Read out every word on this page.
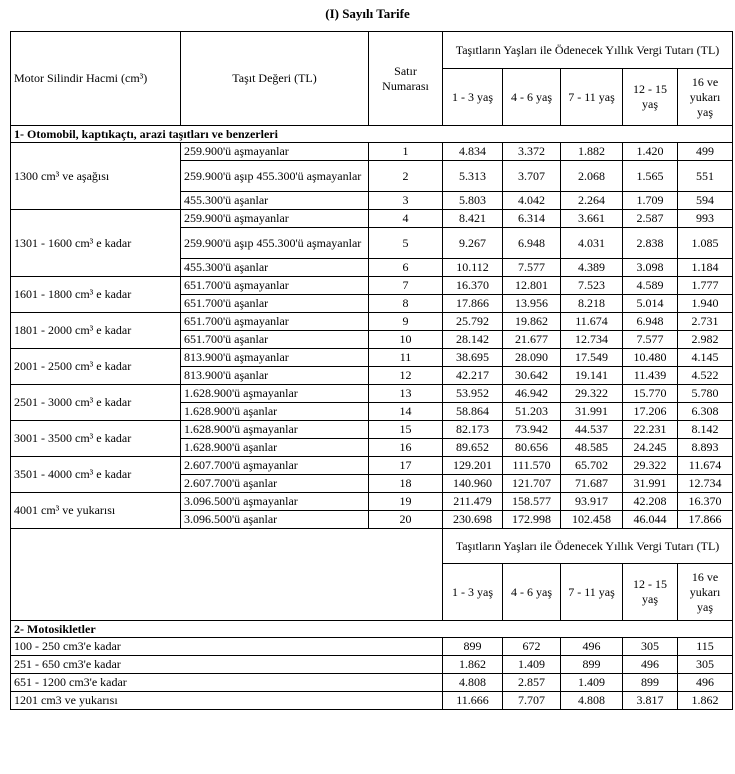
(I) Sayılı Tarife
Motor Silindir Hacmi (cm³)	Taşıt Değeri (TL)	Satır Numarası	Taşıtların Yaşları ile Ödenecek Yıllık Vergi Tutarı (TL)				
			1 - 3 yaş	4 - 6 yaş	7 - 11 yaş	12 - 15 yaş	16 ve yukarı yaş
1- Otomobil, kaptıkaçtı, arazi taşıtları ve benzerleri							
1300 cm³ ve aşağısı	259.900'ü aşmayanlar	1	4.834	3.372	1.882	1.420	499
	259.900'ü aşıp 455.300'ü aşmayanlar	2	5.313	3.707	2.068	1.565	551
	455.300'ü aşanlar	3	5.803	4.042	2.264	1.709	594
1301 - 1600 cm³ e kadar	259.900'ü aşmayanlar	4	8.421	6.314	3.661	2.587	993
	259.900'ü aşıp 455.300'ü aşmayanlar	5	9.267	6.948	4.031	2.838	1.085
	455.300'ü aşanlar	6	10.112	7.577	4.389	3.098	1.184
1601 - 1800 cm³ e kadar	651.700'ü aşmayanlar	7	16.370	12.801	7.523	4.589	1.777
	651.700'ü aşanlar	8	17.866	13.956	8.218	5.014	1.940
1801 - 2000 cm³ e kadar	651.700'ü aşmayanlar	9	25.792	19.862	11.674	6.948	2.731
	651.700'ü aşanlar	10	28.142	21.677	12.734	7.577	2.982
2001 - 2500 cm³ e kadar	813.900'ü aşmayanlar	11	38.695	28.090	17.549	10.480	4.145
	813.900'ü aşanlar	12	42.217	30.642	19.141	11.439	4.522
2501 - 3000 cm³ e kadar	1.628.900'ü aşmayanlar	13	53.952	46.942	29.322	15.770	5.780
	1.628.900'ü aşanlar	14	58.864	51.203	31.991	17.206	6.308
3001 - 3500 cm³ e kadar	1.628.900'ü aşmayanlar	15	82.173	73.942	44.537	22.231	8.142
	1.628.900'ü aşanlar	16	89.652	80.656	48.585	24.245	8.893
3501 - 4000 cm³ e kadar	2.607.700'ü aşmayanlar	17	129.201	111.570	65.702	29.322	11.674
	2.607.700'ü aşanlar	18	140.960	121.707	71.687	31.991	12.734
4001 cm³ ve yukarısı	3.096.500'ü aşmayanlar	19	211.479	158.577	93.917	42.208	16.370
	3.096.500'ü aşanlar	20	230.698	172.998	102.458	46.044	17.866
			Taşıtların Yaşları ile Ödenecek Yıllık Vergi Tutarı (TL)				
			1 - 3 yaş	4 - 6 yaş	7 - 11 yaş	12 - 15 yaş	16 ve yukarı yaş
2- Motosikletler							
100 - 250 cm3'e kadar			899	672	496	305	115
251 - 650 cm3'e kadar			1.862	1.409	899	496	305
651 - 1200 cm3'e kadar			4.808	2.857	1.409	899	496
1201 cm3 ve yukarısı			11.666	7.707	4.808	3.817	1.862
